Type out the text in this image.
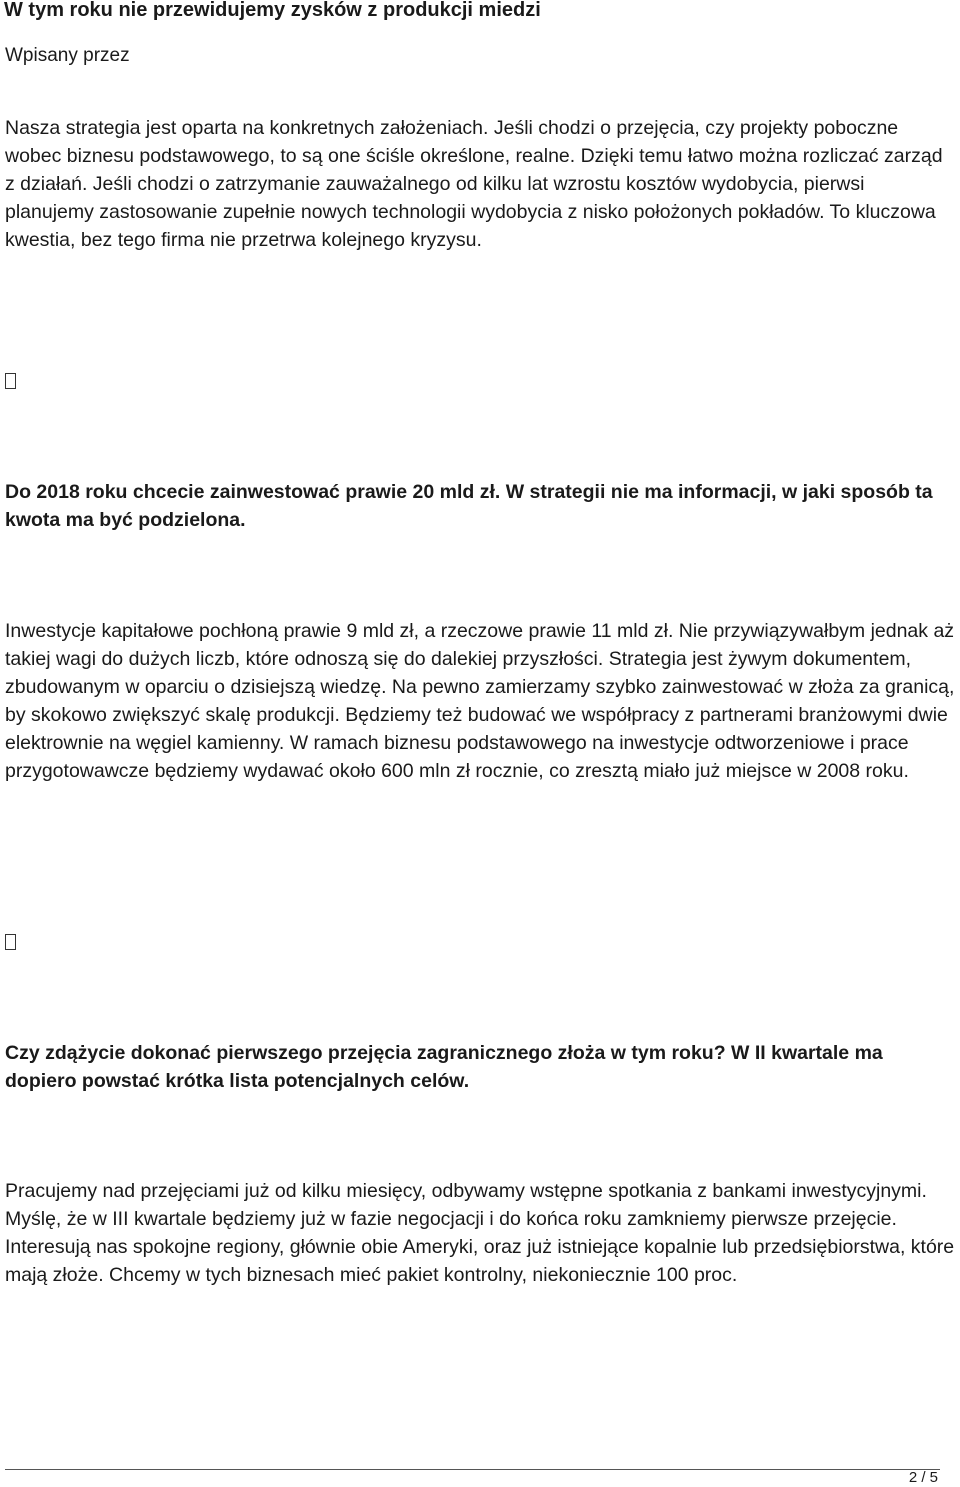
W tym roku nie przewidujemy zysków z produkcji miedzi
Wpisany przez

Nasza strategia jest oparta na konkretnych założeniach. Jeśli chodzi o przejęcia, czy projekty poboczne wobec biznesu podstawowego, to są one ściśle określone, realne. Dzięki temu łatwo można rozliczać zarząd z działań. Jeśli chodzi o zatrzymanie zauważalnego od kilku lat wzrostu kosztów wydobycia, pierwsi planujemy zastosowanie zupełnie nowych technologii wydobycia z nisko położonych pokładów. To kluczowa kwestia, bez tego firma nie przetrwa kolejnego kryzysu.

Do 2018 roku chcecie zainwestować prawie 20 mld zł. W strategii nie ma informacji, w jaki sposób ta kwota ma być podzielona.

Inwestycje kapitałowe pochłoną prawie 9 mld zł, a rzeczowe prawie 11 mld zł. Nie przywiązywałbym jednak aż takiej wagi do dużych liczb, które odnoszą się do dalekiej przyszłości. Strategia jest żywym dokumentem, zbudowanym w oparciu o dzisiejszą wiedzę. Na pewno zamierzamy szybko zainwestować w złoża za granicą, by skokowo zwiększyć skalę produkcji. Będziemy też budować we współpracy z partnerami branżowymi dwie elektrownie na węgiel kamienny. W ramach biznesu podstawowego na inwestycje odtworzeniowe i prace przygotowawcze będziemy wydawać około 600 mln zł rocznie, co zresztą miało już miejsce w 2008 roku.

Czy zdążycie dokonać pierwszego przejęcia zagranicznego złoża w tym roku? W II kwartale ma dopiero powstać krótka lista potencjalnych celów.

Pracujemy nad przejęciami już od kilku miesięcy, odbywamy wstępne spotkania z bankami inwestycyjnymi. Myślę, że w III kwartale będziemy już w fazie negocjacji i do końca roku zamkniemy pierwsze przejęcie. Interesują nas spokojne regiony, głównie obie Ameryki, oraz już istniejące kopalnie lub przedsiębiorstwa, które mają złoże. Chcemy w tych biznesach mieć pakiet kontrolny, niekoniecznie 100 proc.

2 / 5
